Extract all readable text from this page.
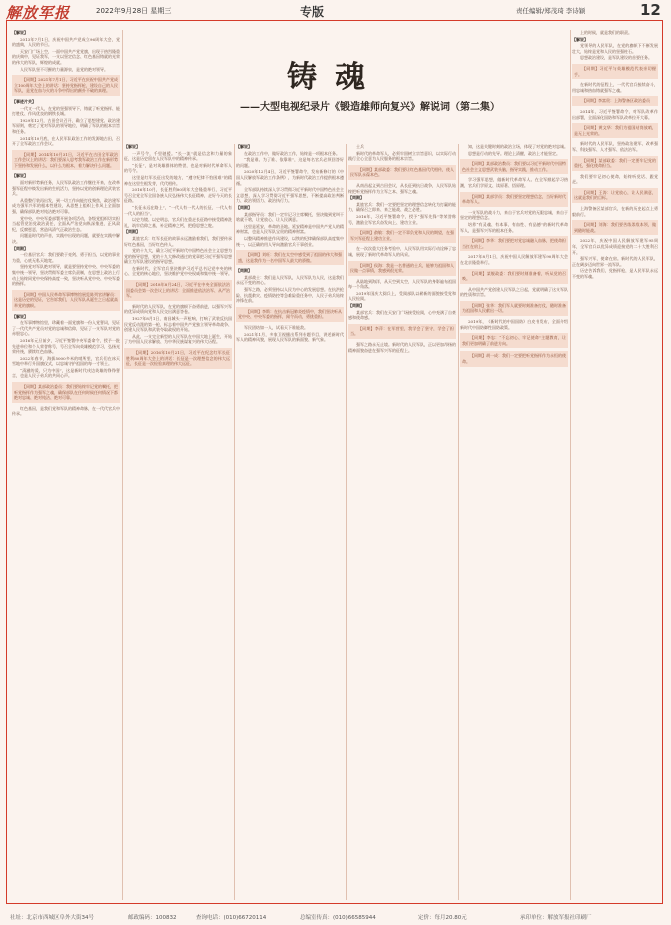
解放军报	2022年9月28日 星期三	专版	责任编辑/郑茂琦 李诗颖	12
铸魂
——大型电视纪录片《锻造雄师向复兴》解说词（第二集）

【解说】

2013年7月1日，庆祝中国共产党成立96周年大会，党的盛典，人民的节日。

天安门广场上空，一面中国共产党党旗，出现于热烈隆重的庆典中，见证我军，一支以坚定信念、红色基因铸就的光荣的伟大的军队，辉煌的成就。

人民军队坚不可摧的力量源泉，是党的绝对领导。

【同期】2021年7月1日，习近平在庆祝中国共产党成立100周年大会上的讲话：坚持党指挥枪，建设自己的人民军队，是党在血与火的斗争中得出的颠扑不破的真理。

【事迹片关】

一代又一代人，在党的坚强领导下，铸就了听党指挥、能打胜仗、作风优良的钢铁长城。

1929年12月，古田会议召开，确立了思想建党、政治建军原则，奠定了党对军队的领导地位，明确了军队的根本宗旨和任务。

2014年10月底，在人民军队政治工作的发源地古田，召开了全军政治工作会议。

【同期】2014年10月31日，习近平在古田全军政治工作会议上的讲话：我们要深入思考我军政治工作在新形势下坚持和发展什么，以什么为根本，着力解决什么问题。

【解说】

面对新形势新任务，人民军队政治工作继往开来，在改革强军征程中焕发出新的生机活力，坚持以党的创新理论武装官兵。

从重整行装再出发，到一切工作向能打仗聚焦，政治建军成为强军兴军的根本性建设，从思想上组织上作风上全面加强，确保部队绝对纯洁绝对可靠。

党中央、中央军委部署开展各项活动，各级党组织切实担当起管党治党政治责任，全面从严治党向纵深推进，正风肃纪，反腐惩恶，营造风清气正政治生态。

问题是时代的声音，实践中出现的问题，就要在实践中解决。

【同期】

一位基层官兵：我们要敢于亮剑、勇于担当，以党的事业为重，心底无私天地宽。

坚持党对军队绝对领导，就是要坚持党中央、中央军委的集中统一领导，坚决贯彻军委主席负责制，在思想上政治上行动上始终同党中央保持高度一致，坚决听从党中央、中央军委的指挥。

【同期】中国人民革命军事博物馆展览陈列官讲解员：这是历史的见证，它告诉我们，人民军队从诞生之日起就高举党的旗帜。

【解说】

在军事博物馆里，珍藏着一面党旗和一份入党誓词，见证了一代代共产党员对党的忠诚和信仰，见证了一支军队对党的赤胆忠心。

2016年元旦前夕，习近平签署中央军委命令，授予一批先进单位和个人荣誉称号，号召全军向英雄模范学习，弘扬光荣传统，赓续红色血脉。

2022年春节，海拔5000多米的哨所里，官兵们在冰天雪地中举行升国旗仪式，以忠诚守护祖国的每一寸领土。

“清澈的爱，只为中国”，这是新时代戍边英雄的铮铮誓言，也是人民子弟兵的共同心声。

【同期】某部政治委员：我们要始终牢记党的嘱托，把听党指挥作为强军之魂，确保部队在任何时候任何情况下都绝对忠诚、绝对纯洁、绝对可靠。

红色基因，是我们党和军队的精神命脉，在一代代官兵中传承。

【解说】

一声号令，千里驰援。“长一流”就是信念和力量的象征，这是历史留在人民军队中的精神传承。

“长征”，是对英雄群体的赞誉，也是对新时代革命军人的号令。

这里是红军长征出发的地方，“遵守纪律不怕困难”的精神在这里生根发芽，代代相传。

2016年10月，长征胜利80周年大会隆重举行，习近平号召全党全军全国各族人民弘扬伟大长征精神，走好今天的长征路。

“长征永远在路上”，“一代人有一代人的长征，一代人有一代人的担当”。

以史为镜、以史明志，官兵们在重走长征路中接受精神洗礼，筑牢信仰之基，补足精神之钙，把稳思想之舵。

【同期】

某旅官兵：红军长征的故事永远激励着我们，我们要传承好红色基因，当好红色传人。

党的十九大，确立习近平新时代中国特色社会主义思想为党的指导思想，党的十九大修改通过的党章把习近平强军思想确立为军队建设的指导思想。

在新时代，全军官兵坚决维护习近平总书记党中央的核心、全党的核心地位，坚决维护党中央权威和集中统一领导。

【同期】2018年8月24日，习近平在中央全面依法治国委员会第一次会议上的讲话：全面推进依法治军、从严治军。

新时代的人民军队，在党的旗帜下奋勇前进，以强军兴军的优异成绩向党和人民交出满意答卷。

1927年8月1日，南昌城头一声枪响，打响了武装反抗国民党反动派的第一枪，标志着中国共产党独立领导革命战争、创建人民军队和武装夺取政权的开始。

从此，一支完全新型的人民军队在中国大地上诞生，开始了为中国人民求解放、为中华民族谋复兴的伟大历程。

【同期】2016年10月21日，习近平在纪念红军长征胜利80周年大会上的讲话：长征是一次理想信念的伟大远征，长征是一次检验真理的伟大远征。

【解说】

在政治工作中，做好政治工作，始终是一项根本任务。

“我是谁、为了谁、依靠谁”，这是每名官兵必须回答好的问题。

2020年12月4日，习近平签署命令，发布新修订的《中国人民解放军政治工作条例》，为新时代政治工作提供根本遵循。

全军部队持续深入学习贯彻习近平新时代中国特色社会主义思想，深入学习贯彻习近平强军思想，不断提高政治判断力、政治领悟力、政治执行力。

【同期】

某部指导员：我们一定牢记习主席嘱托，坚决做到党叫干啥就干啥，让党放心、让人民满意。

这里是延安，革命的圣地。延安精神是中国共产党人的精神财富，也是人民军队宝贵的精神财富。

以整风精神推进作风建设，以铁的纪律确保部队高度集中统一，以正确的用人导向激励官兵干事创业。

【同期】刘旺：我们在太空中感受到了祖国的伟大和强盛，这是我作为一名中国军人最大的骄傲。

【同期】

某部战士：我们是人民军队，人民军队为人民，这是我们永远不变的初心。

强军之路，必须坚持以人民为中心的发展思想。在抗洪抢险、抗震救灾、疫情防控等急难险重任务中，人民子弟兵始终冲锋在前。

【同期】李斯：在抗击新冠肺炎疫情中，我们坚决听从党中央、中央军委的指挥，闻令而动，勇挑重担。

军民团结如一人，试看天下谁能敌。

2021年1月，多家卫视播出系列专题节目，讲述新时代军人的精神风貌，展现人民军队的新面貌、新气象。

士兵

新时代的革命军人，必须牢固树立宗旨意识，以实际行动践行全心全意为人民服务的根本宗旨。

【同期】某部政委：我们要让红色基因代代相传，使人民军队永葆本色。

从南昌起义到古田会议，从长征到抗日战争，人民军队始终把听党指挥作为立军之本、强军之魂。

【同期】

某旅官兵：我们一定要把坚定的理想信念转化为打赢的能力，确保召之即来、来之能战、战之必胜。

2016年，习近平签署命令，授予“强军先锋”等荣誉称号，激励全军官兵奋发向上、建功立业。

【同期】俞敏：我们一定不辜负党和人民的期望，在强军兴军征程上建功立业。

在一次次重大任务考验中，人民军队用实际行动诠释了忠诚，展现了新时代革命军人的风采。

【同期】侯海：我是一名普通的士兵，能够为祖国和人民做一点事情，我感到很光荣。

从陆地到海洋，从天空到太空，人民军队的身影遍布祖国每一个角落。

2019年国庆大阅兵上，受阅部队以崭新的面貌接受党和人民检阅。

【同期】

某部官兵：我们在天安门广场接受检阅，心中充满了自豪感和使命感。

【同期】李萍：在军营里，我学会了坚守，学会了担当。

强军之路永无止境。新时代的人民军队，正以更加昂扬的精神面貌奋进在强军兴军的征程上。

知，这是关键时刻的政治立场，体现了对党的绝对忠诚。

思想是行动的先导。理论上清醒，政治上才能坚定。

【同期】某部政治教员：我们要以习近平新时代中国特色社会主义思想武装头脑，指导实践，推动工作。

学习强军思想，做新时代革命军人。在全军掀起学习热潮，官兵们学原文、读原著、悟原理。

【同期】某部学员：我们要坚定理想信念，当好新时代革命军人。

一支军队的战斗力，来自于官兵对党的无限忠诚，来自于坚定的理想信念。

培养“有灵魂、有本事、有血性、有品德”的新时代革命军人，是强军兴军的根本任务。

【同期】李华：我们要把对党忠诚融入血脉，把使命担当扛在肩上。

2017年8月1日，庆祝中国人民解放军建军90周年大会在北京隆重举行。

【同期】某舰政委：我们要时刻准备着，听从党的召唤。

从中国共产党创建人民军队之日起，党就明确了这支军队的性质和宗旨。

【同期】张华：我们军人就要时刻准备打仗，随时准备为祖国和人民献出一切。

2019年，《新时代的中国国防》白皮书发布，全面介绍新时代中国防御性国防政策。

【同期】李忠：“不忘初心、牢记使命”主题教育，让我们更加明确了前进方向。

【同期】胡一成：我们一定要把听党指挥作为永恒的使命。

上的时候，就是我们的职责。

【解说】

党领导的人民军队，在党的旗帜下不断发展壮大，始终是党和人民的坚强柱石。

思想政治建设，是军队建设的首要任务。

【同期】习近平与英雄模范代表亲切握手。

在新时代的征程上，一代代官兵接续奋斗，用忠诚和热血铸就强军之魂。

【同期】李富贵：上海警备区政治委员

2014年，习近平签署命令，对军队改革作出部署，全面深化国防和军队改革拉开大幕。

【同期】黄文华：我们为祖国站岗放哨，是无上光荣的。

新时代的人民军队，坚持政治建军、改革强军、科技强军、人才强军、依法治军。

【同期】某部政委：我们一定要牢记党的重托，强化使命担当。

我们要牢记初心使命，始终听党话、跟党走。

【同期】王涛：让党放心，让人民满意，这就是我们的目标。

上海警备区某部官兵，在新的历史起点上勇毅前行。

【同期】刘海：我们要苦练杀敌本领，做到随时能战。

2022年，庆祝中国人民解放军建军95周年，全军官兵以优异成绩迎接党的二十大胜利召开。

强军兴军，使命在肩。新时代的人民军队，正在阔步迈向世界一流军队。

历史告诉我们，党指挥枪，是人民军队永远不变的军魂。

社址：北京市西城区阜外大街34号	邮政编码：100832	查询电话：(010)66720114	总编室传真：(010)66585944	定价：每月20.80元	承印单位：解放军报社印刷厂
